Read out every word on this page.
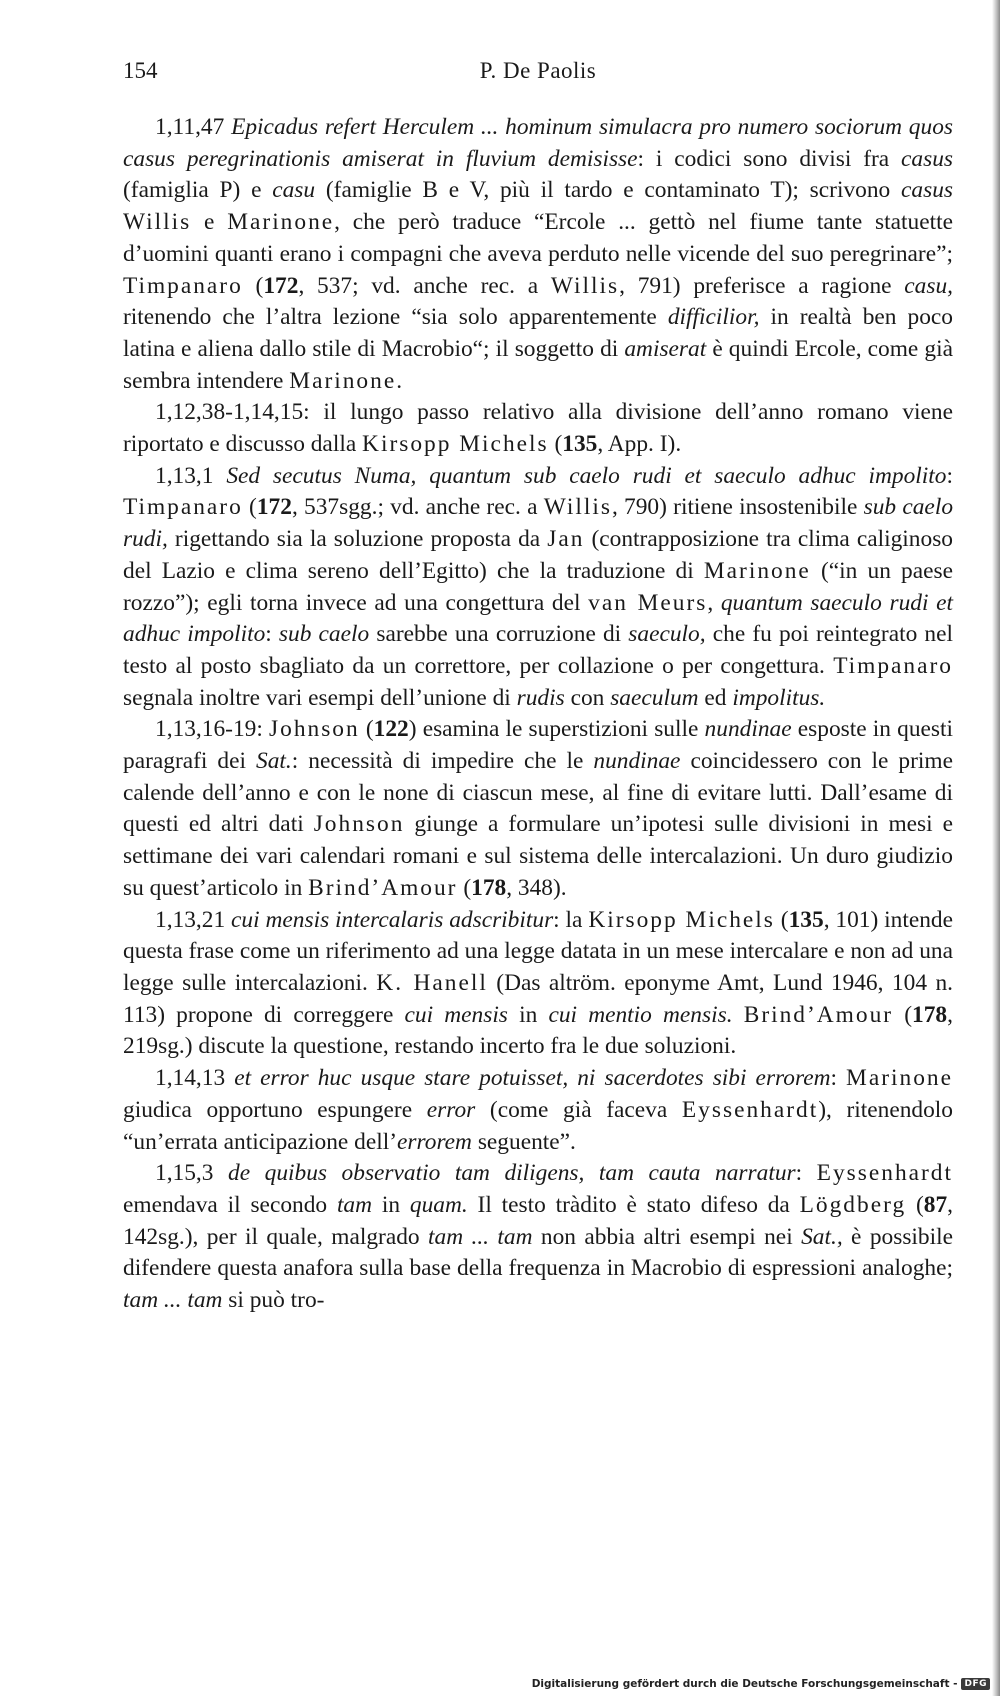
154	P. De Paolis

1,11,47 Epicadus refert Herculem ... hominum simulacra pro numero sociorum quos casus peregrinationis amiserat in fluvium demisisse: i codici sono divisi fra casus (famiglia P) e casu (famiglie B e V, più il tardo e contaminato T); scrivono casus Willis e Marinone, che però traduce “Ercole ... gettò nel fiume tante statuette d’uomini quanti erano i compagni che aveva perduto nelle vicende del suo peregrinare”; Timpanaro (172, 537; vd. anche rec. a Willis, 791) preferisce a ragione casu, ritenendo che l’altra lezione “sia solo apparentemente difficilior, in realtà ben poco latina e aliena dallo stile di Macrobio“; il soggetto di amiserat è quindi Ercole, come già sembra intendere Marinone.

1,12,38-1,14,15: il lungo passo relativo alla divisione dell’anno romano viene riportato e discusso dalla Kirsopp Michels (135, App. I).

1,13,1 Sed secutus Numa, quantum sub caelo rudi et saeculo adhuc impolito: Timpanaro (172, 537sgg.; vd. anche rec. a Willis, 790) ritiene insostenibile sub caelo rudi, rigettando sia la soluzione proposta da Jan (contrapposizione tra clima caliginoso del Lazio e clima sereno dell’Egitto) che la traduzione di Marinone (“in un paese rozzo”); egli torna invece ad una congettura del van Meurs, quantum saeculo rudi et adhuc impolito: sub caelo sarebbe una corruzione di saeculo, che fu poi reintegrato nel testo al posto sbagliato da un correttore, per collazione o per congettura. Timpanaro segnala inoltre vari esempi dell’unione di rudis con saeculum ed impolitus.

1,13,16-19: Johnson (122) esamina le superstizioni sulle nundinae esposte in questi paragrafi dei Sat.: necessità di impedire che le nundinae coincidessero con le prime calende dell’anno e con le none di ciascun mese, al fine di evitare lutti. Dall’esame di questi ed altri dati Johnson giunge a formulare un’ipotesi sulle divisioni in mesi e settimane dei vari calendari romani e sul sistema delle intercalazioni. Un duro giudizio su quest’articolo in Brind’Amour (178, 348).

1,13,21 cui mensis intercalaris adscribitur: la Kirsopp Michels (135, 101) intende questa frase come un riferimento ad una legge datata in un mese intercalare e non ad una legge sulle intercalazioni. K. Hanell (Das altröm. eponyme Amt, Lund 1946, 104 n. 113) propone di correggere cui mensis in cui mentio mensis. Brind’Amour (178, 219sg.) discute la questione, restando incerto fra le due soluzioni.

1,14,13 et error huc usque stare potuisset, ni sacerdotes sibi errorem: Marinone giudica opportuno espungere error (come già faceva Eyssenhardt), ritenendolo “un’errata anticipazione dell’errorem seguente”.

1,15,3 de quibus observatio tam diligens, tam cauta narratur: Eyssenhardt emendava il secondo tam in quam. Il testo tràdito è stato difeso da Lögdberg (87, 142sg.), per il quale, malgrado tam ... tam non abbia altri esempi nei Sat., è possibile difendere questa anafora sulla base della frequenza in Macrobio di espressioni analoghe; tam ... tam si può tro-

Digitalisierung gefördert durch die Deutsche Forschungsgemeinschaft - DFG
